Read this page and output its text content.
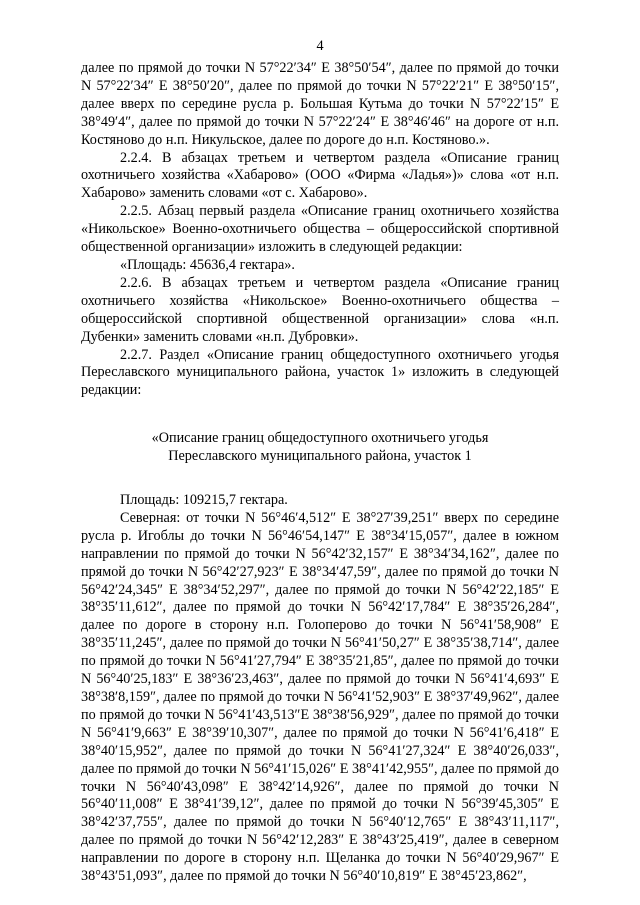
4

далее по прямой до точки N 57°22′34″ E 38°50′54″, далее по прямой до точки N 57°22′34″ E 38°50′20″, далее по прямой до точки N 57°22′21″ E 38°50′15″, далее вверх по середине русла р. Большая Кутьма до точки N 57°22′15″ E 38°49′4″, далее по прямой до точки N 57°22′24″ E 38°46′46″ на дороге от н.п. Костяново до н.п. Никульское, далее по дороге до н.п. Костяново.».

2.2.4. В абзацах третьем и четвертом раздела «Описание границ охотничьего хозяйства «Хабарово» (ООО «Фирма «Ладья»)» слова «от н.п. Хабарово» заменить словами «от с. Хабарово».

2.2.5. Абзац первый раздела «Описание границ охотничьего хозяйства «Никольское» Военно-охотничьего общества – общероссийской спортивной общественной организации» изложить в следующей редакции:

«Площадь: 45636,4 гектара».

2.2.6. В абзацах третьем и четвертом раздела «Описание границ охотничьего хозяйства «Никольское» Военно-охотничьего общества – общероссийской спортивной общественной организации» слова «н.п. Дубенки» заменить словами «н.п. Дубровки».

2.2.7. Раздел «Описание границ общедоступного охотничьего угодья Переславского муниципального района, участок 1» изложить в следующей редакции:

«Описание границ общедоступного охотничьего угодья

Переславского муниципального района, участок 1

Площадь: 109215,7 гектара.

Северная: от точки N 56°46′4,512″ E 38°27′39,251″ вверх по середине русла р. Игоблы до точки N 56°46′54,147″ E 38°34′15,057″, далее в южном направлении по прямой до точки N 56°42′32,157″ E 38°34′34,162″, далее по прямой до точки N 56°42′27,923″ E 38°34′47,59″, далее по прямой до точки N 56°42′24,345″ E 38°34′52,297″, далее по прямой до точки N 56°42′22,185″ E 38°35′11,612″, далее по прямой до точки N 56°42′17,784″ E 38°35′26,284″, далее по дороге в сторону н.п. Голоперово до точки N 56°41′58,908″ E 38°35′11,245″, далее по прямой до точки N 56°41′50,27″ E 38°35′38,714″, далее по прямой до точки N 56°41′27,794″ E 38°35′21,85″, далее по прямой до точки N 56°40′25,183″ E 38°36′23,463″, далее по прямой до точки N 56°41′4,693″ E 38°38′8,159″, далее по прямой до точки N 56°41′52,903″ E 38°37′49,962″, далее по прямой до точки N 56°41′43,513″E 38°38′56,929″, далее по прямой до точки N 56°41′9,663″ E 38°39′10,307″, далее по прямой до точки N 56°41′6,418″ E 38°40′15,952″, далее по прямой до точки N 56°41′27,324″ E 38°40′26,033″, далее по прямой до точки N 56°41′15,026″ E 38°41′42,955″, далее по прямой до точки N 56°40′43,098″ E 38°42′14,926″, далее по прямой до точки N 56°40′11,008″ E 38°41′39,12″, далее по прямой до точки N 56°39′45,305″ E 38°42′37,755″, далее по прямой до точки N 56°40′12,765″ E 38°43′11,117″, далее по прямой до точки N 56°42′12,283″ E 38°43′25,419″, далее в северном направлении по дороге в сторону н.п. Щеланка до точки N 56°40′29,967″ E 38°43′51,093″, далее по прямой до точки N 56°40′10,819″ E 38°45′23,862″,
